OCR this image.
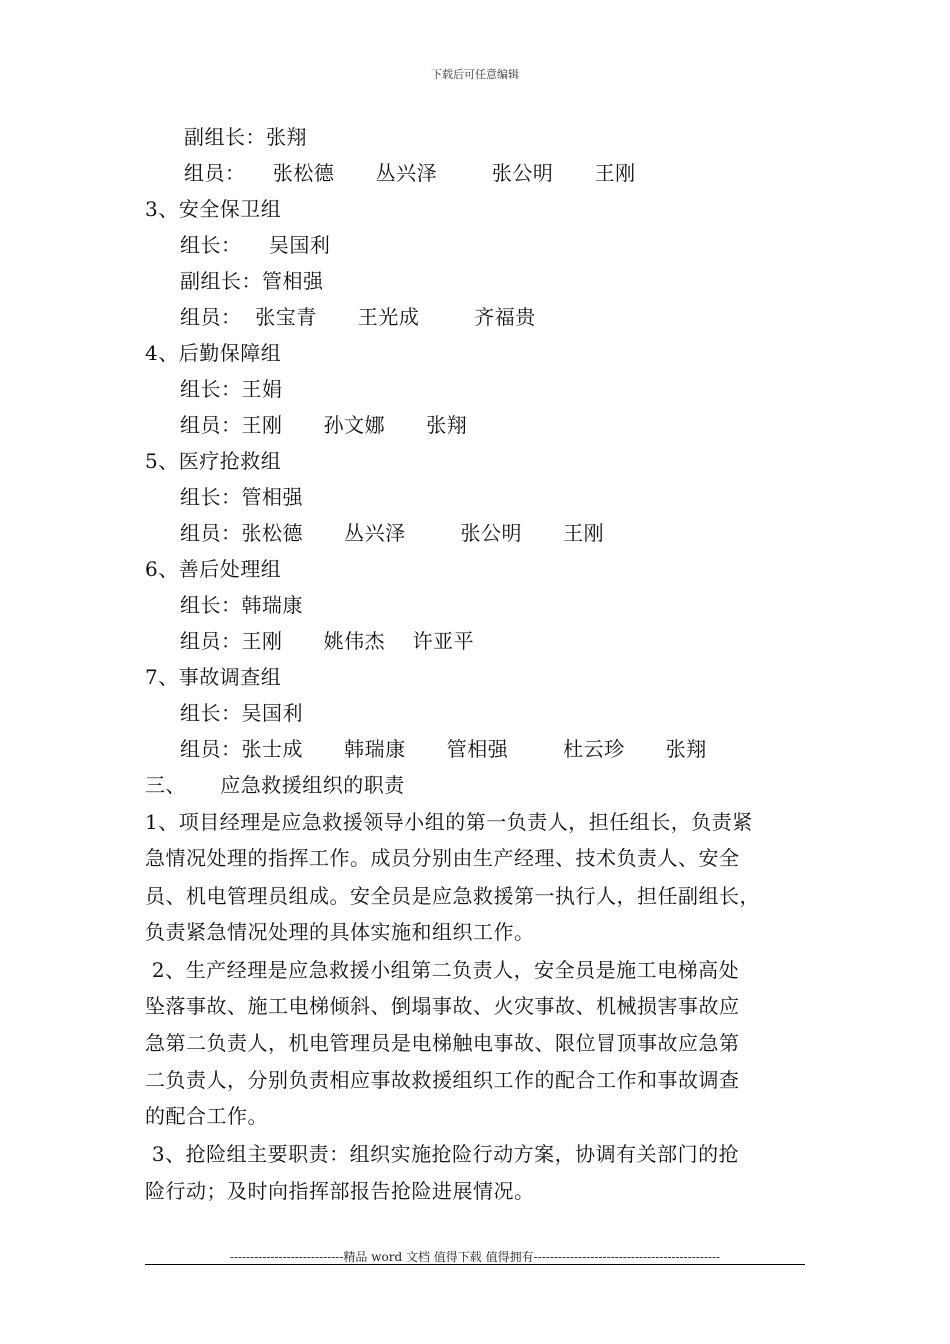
下载后可任意编辑
副组长：张翔
组员：    张松德      丛兴泽        张公明      王刚
3、安全保卫组
组长：    吴国利
副组长：管相强
组员：  张宝青      王光成        齐福贵
4、后勤保障组
组长：王娟
组员：王刚      孙文娜      张翔
5、医疗抢救组
组长：管相强
组员：张松德      丛兴泽        张公明      王刚
6、善后处理组
组长：韩瑞康
组员：王刚      姚伟杰    许亚平
7、事故调查组
组长：吴国利
组员：张士成      韩瑞康      管相强        杜云珍      张翔
三、     应急救援组织的职责
1、项目经理是应急救援领导小组的第一负责人，担任组长，负责紧
急情况处理的指挥工作。成员分别由生产经理、技术负责人、安全
员、机电管理员组成。安全员是应急救援第一执行人，担任副组长，
负责紧急情况处理的具体实施和组织工作。
2、生产经理是应急救援小组第二负责人，安全员是施工电梯高处
坠落事故、施工电梯倾斜、倒塌事故、火灾事故、机械损害事故应
急第二负责人，机电管理员是电梯触电事故、限位冒顶事故应急第
二负责人，分别负责相应事故救援组织工作的配合工作和事故调查
的配合工作。
3、抢险组主要职责：组织实施抢险行动方案，协调有关部门的抢
险行动；及时向指挥部报告抢险进展情况。
----------------------------精品 word 文档 值得下载 值得拥有----------------------------------------------
